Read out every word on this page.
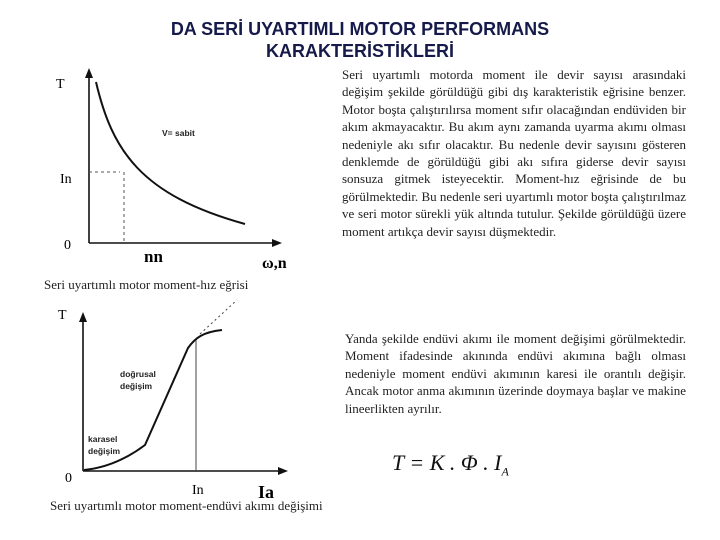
DA SERİ UYARTIMLI MOTOR PERFORMANS
KARAKTERİSTİKLERİ
Seri uyartımlı motorda moment ile devir sayısı arasındaki değişim şekilde görüldüğü gibi dış karakteristik eğrisine benzer. Motor boşta çalıştırılırsa moment sıfır olacağından endüviden bir akım akmayacaktır. Bu akım aynı zamanda uyarma akımı olması nedeniyle akı sıfır olacaktır. Bu nedenle devir sayısını gösteren denklemde de görüldüğü gibi akı sıfıra giderse devir sayısı sonsuza gitmek isteyecektir. Moment-hız eğrisinde de bu görülmektedir. Bu nedenle seri uyartımlı motor boşta çalıştırılmaz ve seri motor sürekli yük altında tutulur. Şekilde görüldüğü üzere moment artıkça devir sayısı düşmektedir.
Yanda şekilde endüvi akımı ile moment değişimi görülmektedir. Moment ifadesinde akınında endüvi akımına bağlı olması nedeniyle moment endüvi akımının karesi ile orantılı değişir. Ancak motor anma akımının üzerinde doymaya başlar ve makine lineerlikten ayrılır.
T
In
0
nn	ω,n
V= sabit
T
0
In	Ia
doğrusal
değişim
karasel
değişim
Seri uyartımlı motor moment-hız eğrisi
Seri uyartımlı motor moment-endüvi akımı değişimi
T = K . Φ . $I_A$
